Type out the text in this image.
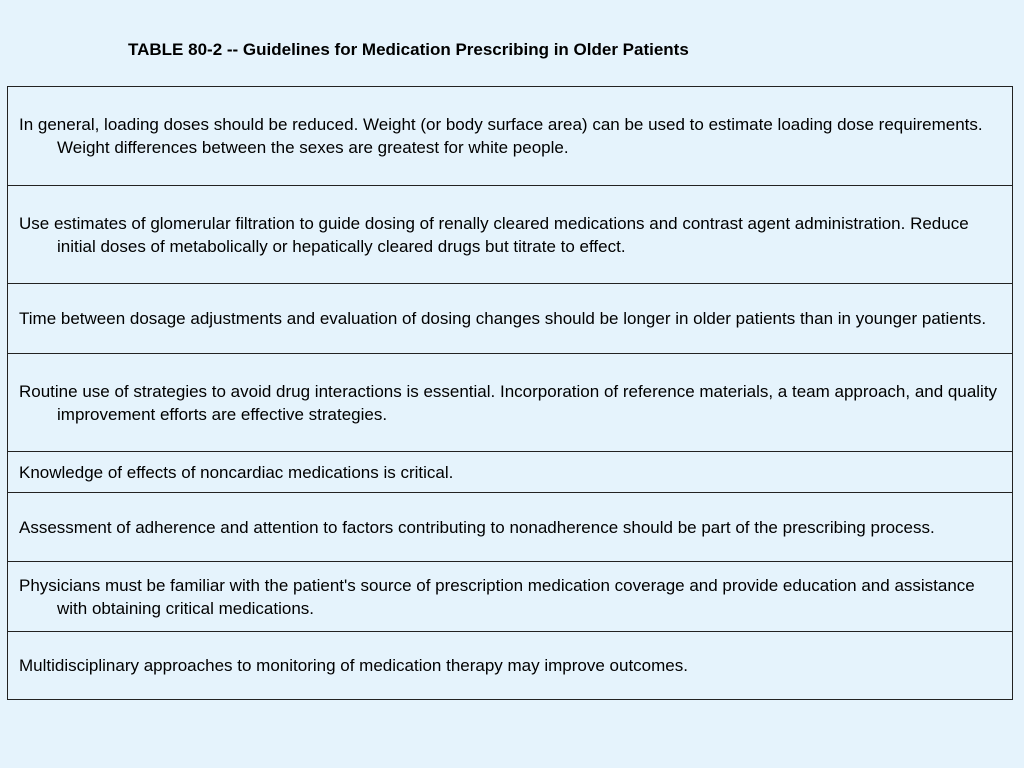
TABLE 80-2 -- Guidelines for Medication Prescribing in Older Patients
In general, loading doses should be reduced. Weight (or body surface area) can be used to estimate loading dose requirements. Weight differences between the sexes are greatest for white people.
Use estimates of glomerular filtration to guide dosing of renally cleared medications and contrast agent administration. Reduce initial doses of metabolically or hepatically cleared drugs but titrate to effect.
Time between dosage adjustments and evaluation of dosing changes should be longer in older patients than in younger patients.
Routine use of strategies to avoid drug interactions is essential. Incorporation of reference materials, a team approach, and quality improvement efforts are effective strategies.
Knowledge of effects of noncardiac medications is critical.
Assessment of adherence and attention to factors contributing to nonadherence should be part of the prescribing process.
Physicians must be familiar with the patient's source of prescription medication coverage and provide education and assistance with obtaining critical medications.
Multidisciplinary approaches to monitoring of medication therapy may improve outcomes.
